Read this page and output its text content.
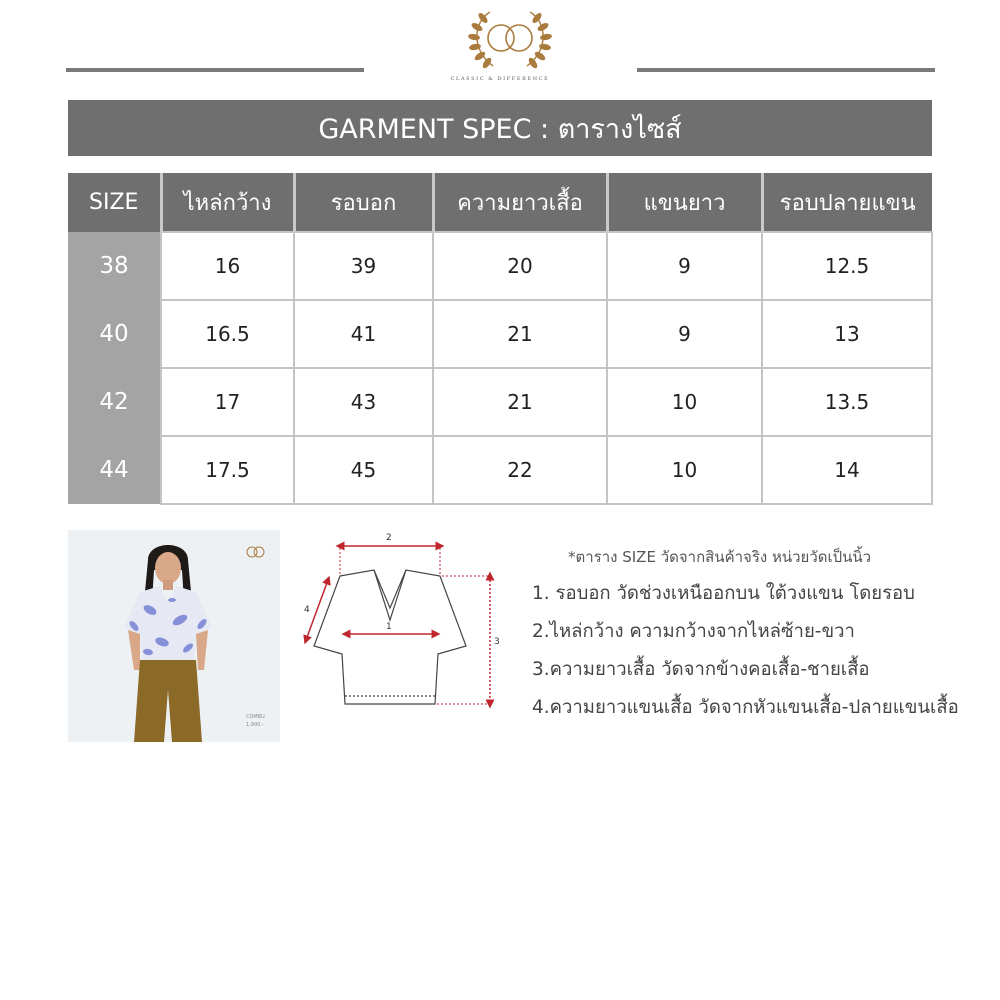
CLASSIC & DIFFERENCE
GARMENT SPEC : ตารางไซส์
SIZE	ไหล่กว้าง	รอบอก	ความยาวเสื้อ	แขนยาว	รอบปลายแขน
38	16	39	20	9	12.5
40	16.5	41	21	9	13
42	17	43	21	10	13.5
44	17.5	45	22	10	14
COMBU
1,900.-
2
1
3
4
*ตาราง SIZE วัดจากสินค้าจริง หน่วยวัดเป็นนิ้ว
1. รอบอก วัดช่วงเหนืออกบน ใต้วงแขน โดยรอบ
2.ไหล่กว้าง ความกว้างจากไหล่ซ้าย-ขวา
3.ความยาวเสื้อ วัดจากข้างคอเสื้อ-ชายเสื้อ
4.ความยาวแขนเสื้อ วัดจากหัวแขนเสื้อ-ปลายแขนเสื้อ
